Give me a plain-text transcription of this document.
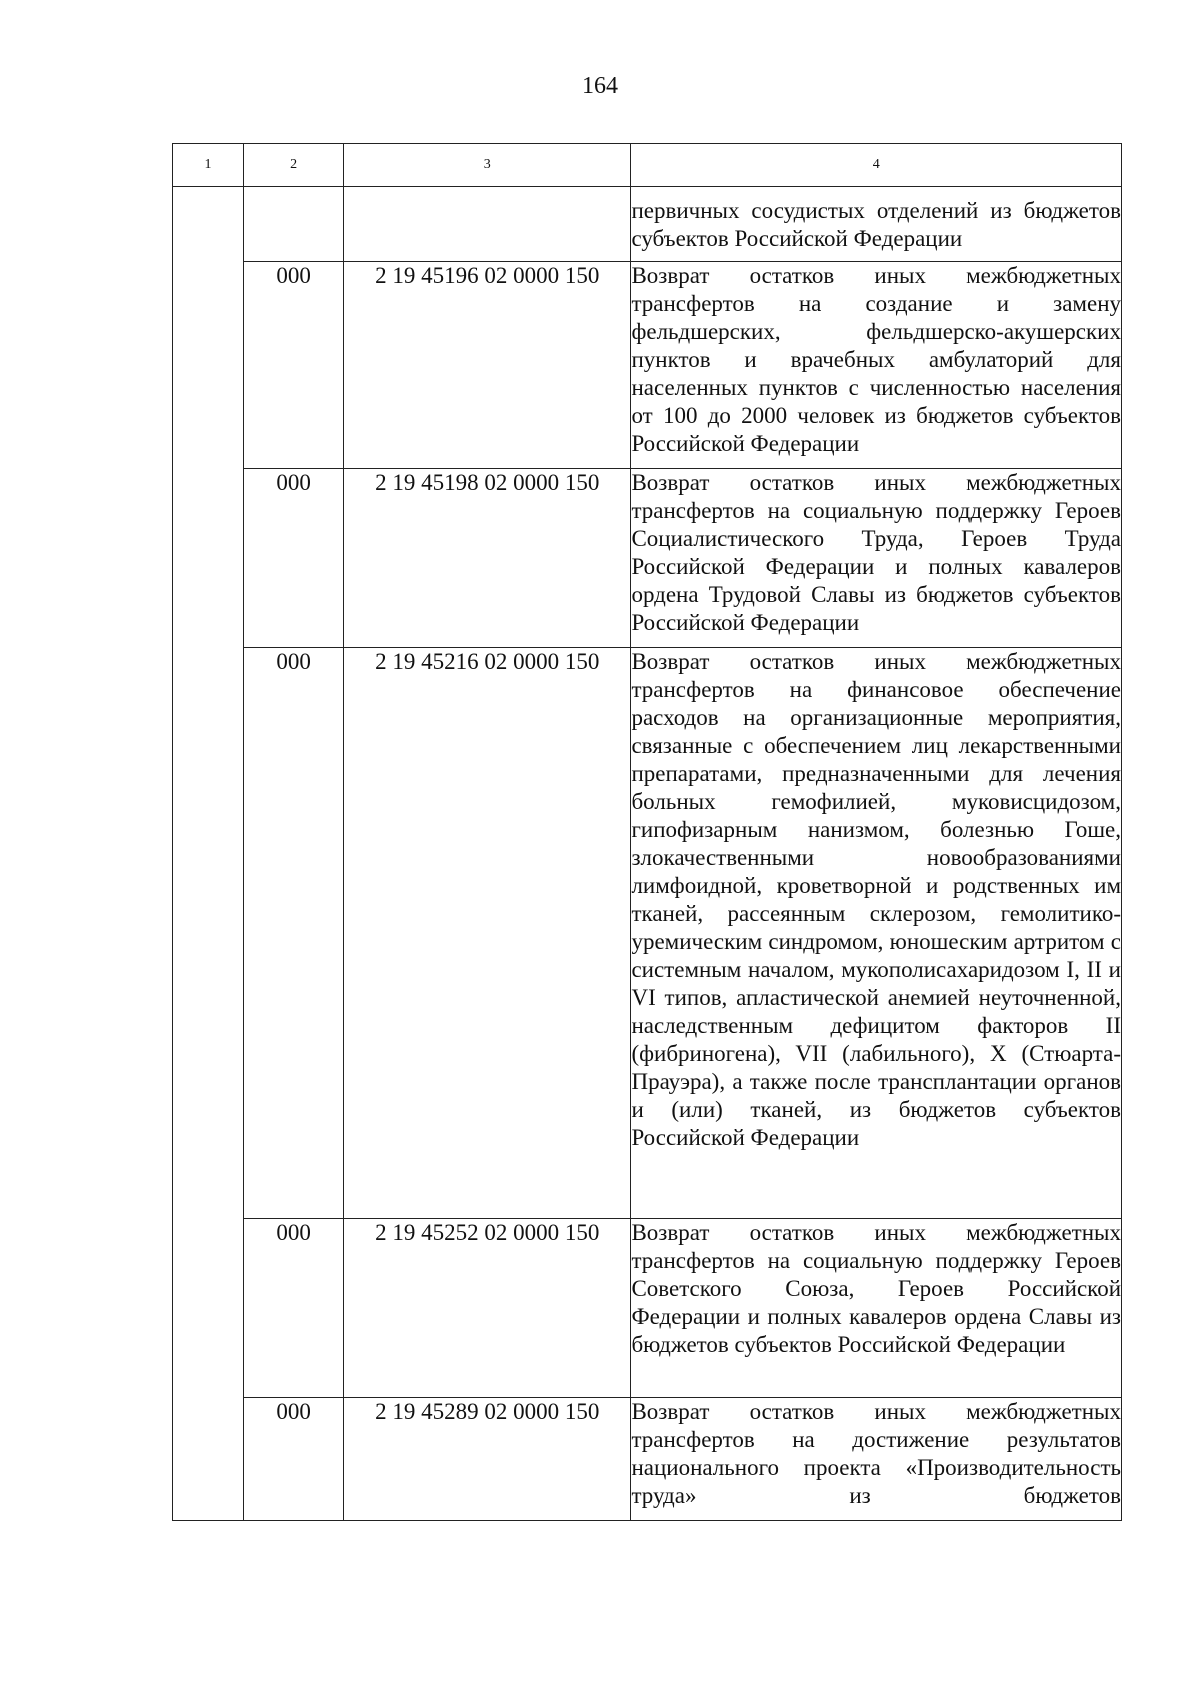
164
1	2	3	4
			первичных сосудистых отделений из бюджетов субъектов Российской Федерации
	000	2 19 45196 02 0000 150	Возврат остатков иных межбюджетных трансфертов на создание и замену фельдшерских, фельдшерско-акушерских пунктов и врачебных амбулаторий для населенных пунктов с численностью населения от 100 до 2000 человек из бюджетов субъектов Российской Федерации
	000	2 19 45198 02 0000 150	Возврат остатков иных межбюджетных трансфертов на социальную поддержку Героев Социалистического Труда, Героев Труда Российской Федерации и полных кавалеров ордена Трудовой Славы из бюджетов субъектов Российской Федерации
	000	2 19 45216 02 0000 150	Возврат остатков иных межбюджетных трансфертов на финансовое обеспечение расходов на организационные мероприятия, связанные с обеспечением лиц лекарственными препаратами, предназначенными для лечения больных гемофилией, муковисцидозом, гипофизарным нанизмом, болезнью Гоше, злокачественными новообразованиями лимфоидной, кроветворной и родственных им тканей, рассеянным склерозом, гемолитико-уремическим синдромом, юношеским артритом с системным началом, мукополисахаридозом I, II и VI типов, апластической анемией неуточненной, наследственным дефицитом факторов II (фибриногена), VII (лабильного), X (Стюарта-Прауэра), а также после трансплантации органов и (или) тканей, из бюджетов субъектов Российской Федерации
	000	2 19 45252 02 0000 150	Возврат остатков иных межбюджетных трансфертов на социальную поддержку Героев Советского Союза, Героев Российской Федерации и полных кавалеров ордена Славы из бюджетов субъектов Российской Федерации
	000	2 19 45289 02 0000 150	Возврат остатков иных межбюджетных трансфертов на достижение результатов национального проекта «Производительность труда» из бюджетов
